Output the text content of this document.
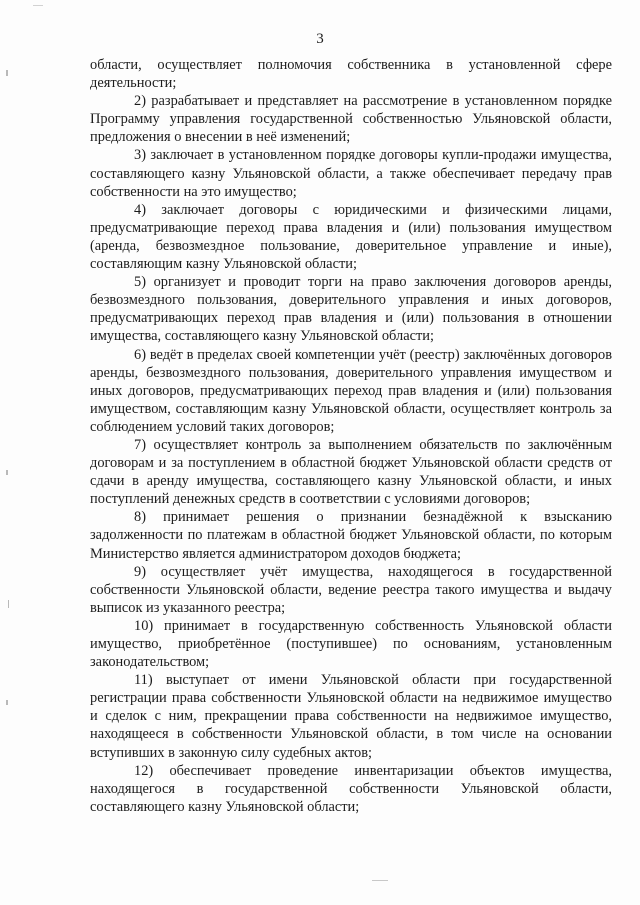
3

области, осуществляет полномочия собственника в установленной сфере деятельности;

2) разрабатывает и представляет на рассмотрение в установленном порядке Программу управления государственной собственностью Ульяновской области, предложения о внесении в неё изменений;

3) заключает в установленном порядке договоры купли-продажи имущества, составляющего казну Ульяновской области, а также обеспечивает передачу прав собственности на это имущество;

4) заключает договоры с юридическими и физическими лицами, предусматривающие переход права владения и (или) пользования имуществом (аренда, безвозмездное пользование, доверительное управление и иные), составляющим казну Ульяновской области;

5) организует и проводит торги на право заключения договоров аренды, безвозмездного пользования, доверительного управления и иных договоров, предусматривающих переход прав владения и (или) пользования в отношении имущества, составляющего казну Ульяновской области;

6) ведёт в пределах своей компетенции учёт (реестр) заключённых договоров аренды, безвозмездного пользования, доверительного управления имуществом и иных договоров, предусматривающих переход прав владения и (или) пользования имуществом, составляющим казну Ульяновской области, осуществляет контроль за соблюдением условий таких договоров;

7) осуществляет контроль за выполнением обязательств по заключённым договорам и за поступлением в областной бюджет Ульяновской области средств от сдачи в аренду имущества, составляющего казну Ульяновской области, и иных поступлений денежных средств в соответствии с условиями договоров;

8) принимает решения о признании безнадёжной к взысканию задолженности по платежам в областной бюджет Ульяновской области, по которым Министерство является администратором доходов бюджета;

9) осуществляет учёт имущества, находящегося в государственной собственности Ульяновской области, ведение реестра такого имущества и выдачу выписок из указанного реестра;

10) принимает в государственную собственность Ульяновской области имущество, приобретённое (поступившее) по основаниям, установленным законодательством;

11) выступает от имени Ульяновской области при государственной регистрации права собственности Ульяновской области на недвижимое имущество и сделок с ним, прекращении права собственности на недвижимое имущество, находящееся в собственности Ульяновской области, в том числе на основании вступивших в законную силу судебных актов;

12) обеспечивает проведение инвентаризации объектов имущества, находящегося в государственной собственности Ульяновской области, составляющего казну Ульяновской области;
